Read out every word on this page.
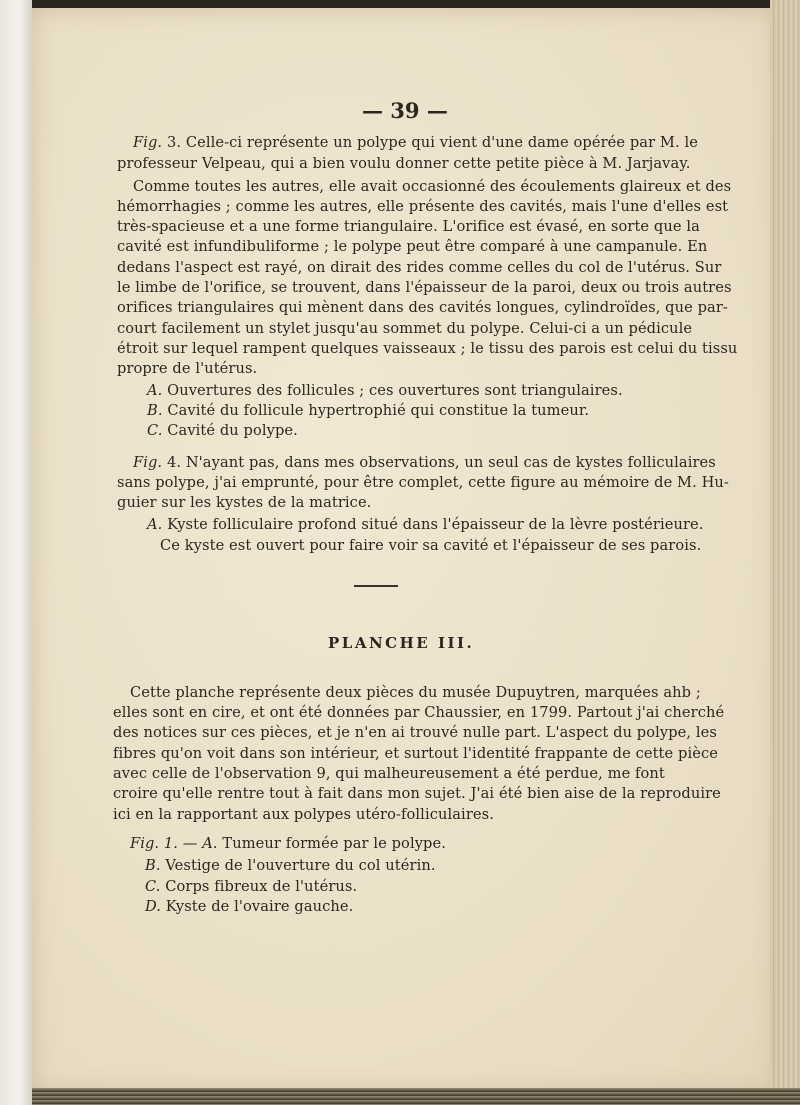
— 39 —
Fig. 3. Celle-ci représente un polype qui vient d'une dame opérée par M. le
professeur Velpeau, qui a bien voulu donner cette petite pièce à M. Jarjavay.
Comme toutes les autres, elle avait occasionné des écoulements glaireux et des
hémorrhagies ; comme les autres, elle présente des cavités, mais l'une d'elles est
très-spacieuse et a une forme triangulaire. L'orifice est évasé, en sorte que la
cavité est infundibuliforme ; le polype peut être comparé à une campanule. En
dedans l'aspect est rayé, on dirait des rides comme celles du col de l'utérus. Sur
le limbe de l'orifice, se trouvent, dans l'épaisseur de la paroi, deux ou trois autres
orifices triangulaires qui mènent dans des cavités longues, cylindroïdes, que par-
court facilement un stylet jusqu'au sommet du polype. Celui-ci a un pédicule
étroit sur lequel rampent quelques vaisseaux ; le tissu des parois est celui du tissu
propre de l'utérus.
A. Ouvertures des follicules ; ces ouvertures sont triangulaires.
B. Cavité du follicule hypertrophié qui constitue la tumeur.
C. Cavité du polype.
Fig. 4. N'ayant pas, dans mes observations, un seul cas de kystes folliculaires
sans polype, j'ai emprunté, pour être complet, cette figure au mémoire de M. Hu-
guier sur les kystes de la matrice.
A. Kyste folliculaire profond situé dans l'épaisseur de la lèvre postérieure.
Ce kyste est ouvert pour faire voir sa cavité et l'épaisseur de ses parois.
PLANCHE III.
Cette planche représente deux pièces du musée Dupuytren, marquées ahb ;
elles sont en cire, et ont été données par Chaussier, en 1799. Partout j'ai cherché
des notices sur ces pièces, et je n'en ai trouvé nulle part. L'aspect du polype, les
fibres qu'on voit dans son intérieur, et surtout l'identité frappante de cette pièce
avec celle de l'observation 9, qui malheureusement a été perdue, me font
croire qu'elle rentre tout à fait dans mon sujet. J'ai été bien aise de la reproduire
ici en la rapportant aux polypes utéro-folliculaires.
Fig. 1. — A. Tumeur formée par le polype.
B. Vestige de l'ouverture du col utérin.
C. Corps fibreux de l'utérus.
D. Kyste de l'ovaire gauche.
